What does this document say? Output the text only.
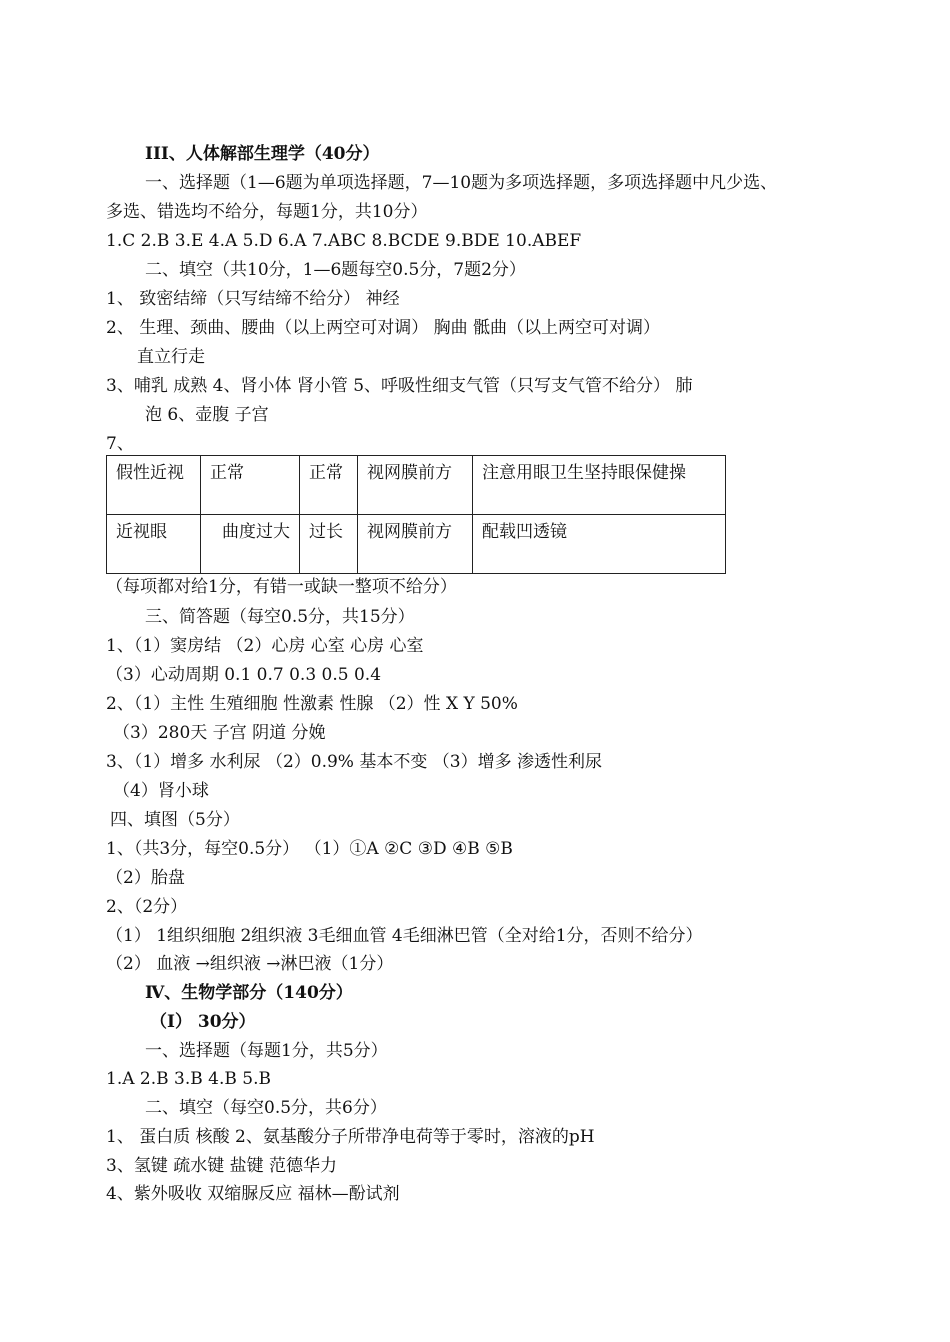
III、人体解部生理学（40分）
一、选择题（1—6题为单项选择题，7—10题为多项选择题，多项选择题中凡少选、
多选、错选均不给分，每题1分，共10分）
1.C 2.B 3.E 4.A 5.D 6.A 7.ABC 8.BCDE 9.BDE 10.ABEF
二、填空（共10分，1—6题每空0.5分，7题2分）
1、 致密结缔（只写结缔不给分） 神经
2、 生理、颈曲、腰曲（以上两空可对调） 胸曲 骶曲（以上两空可对调）
直立行走
3、哺乳 成熟 4、肾小体 肾小管 5、呼吸性细支气管（只写支气管不给分） 肺
泡 6、壶腹 子宫
7、
假性近视	正常	正常	视网膜前方	注意用眼卫生坚持眼保健操
近视眼	曲度过大	过长	视网膜前方	配载凹透镜
（每项都对给1分，有错一或缺一整项不给分）
三、简答题（每空0.5分，共15分）
1、（1）窦房结 （2）心房 心室 心房 心室
（3）心动周期 0.1 0.7 0.3 0.5 0.4
2、（1）主性 生殖细胞 性激素 性腺 （2）性 X Y 50%
（3）280天 子宫 阴道 分娩
3、（1）增多 水利尿 （2）0.9% 基本不变 （3）增多 渗透性利尿
（4）肾小球
四、填图（5分）
1、（共3分，每空0.5分） （1）①A ②C ③D ④B ⑤B
（2）胎盘
2、（2分）
（1） 1组织细胞 2组织液 3毛细血管 4毛细淋巴管（全对给1分，否则不给分）
（2） 血液 →组织液 →淋巴液（1分）
Ⅳ、生物学部分（140分）
（Ⅰ） 30分）
一、选择题（每题1分，共5分）
1.A 2.B 3.B 4.B 5.B
二、填空（每空0.5分，共6分）
1、 蛋白质 核酸 2、氨基酸分子所带净电荷等于零时，溶液的pH
3、氢键 疏水键 盐键 范德华力
4、紫外吸收 双缩脲反应 福林—酚试剂
